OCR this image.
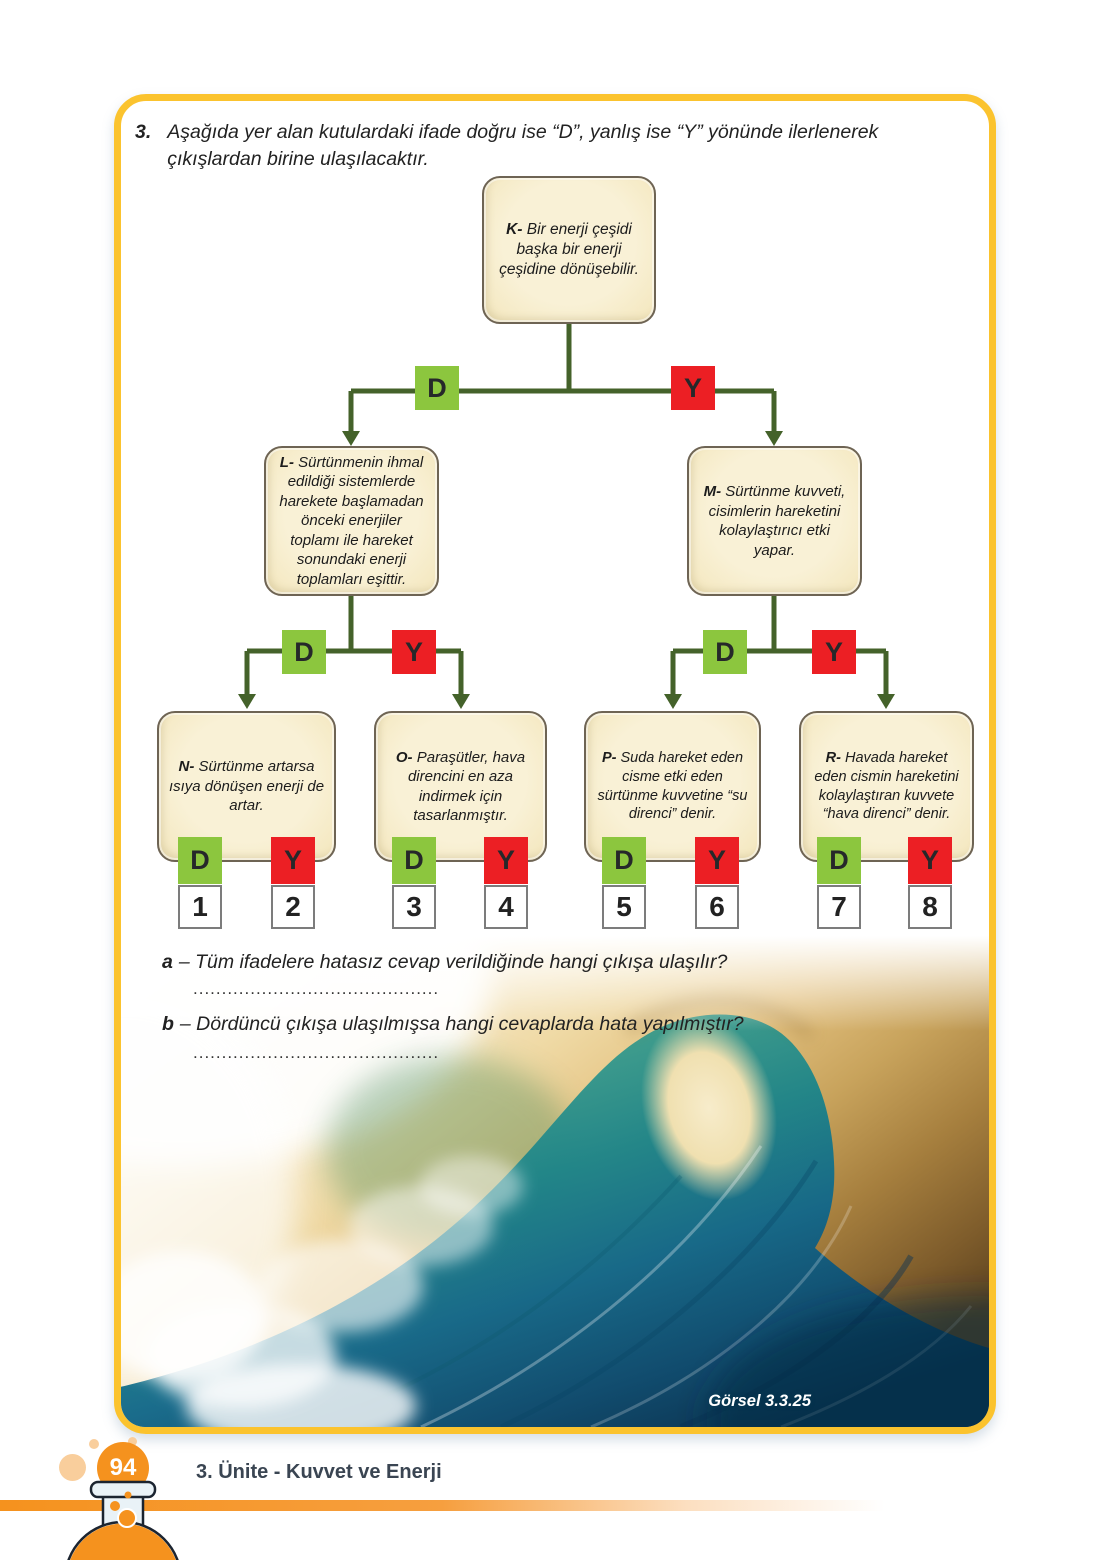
3. Aşağıda yer alan kutulardaki ifade doğru ise “D”, yanlış ise “Y” yönünde ilerlenerek çıkışlardan birine ulaşılacaktır.
K- Bir enerji çeşidi başka bir enerji çeşidine dönüşebilir.
L- Sürtünmenin ihmal edildiği sistemlerde harekete başlamadan önceki enerjiler toplamı ile hareket sonundaki enerji toplamları eşittir.
M- Sürtünme kuvveti, cisimlerin hareketini kolaylaştırıcı etki yapar.
N- Sürtünme artarsa ısıya dönüşen enerji de artar.
O- Paraşütler, hava direncini en aza indirmek için tasarlanmıştır.
P- Suda hareket eden cisme etki eden sürtünme kuvvetine “su direnci” denir.
R- Havada hareket eden cismin hareketini kolaylaştıran kuvvete “hava direnci” denir.
D	Y
D	Y	D	Y
D	Y	D	Y	D	Y	D	Y
1	2	3	4	5	6	7	8
a – Tüm ifadelere hatasız cevap verildiğinde hangi çıkışa ulaşılır?
...........................................
b – Dördüncü çıkışa ulaşılmışsa hangi cevaplarda hata yapılmıştır?
...........................................
Görsel 3.3.25
94	3. Ünite - Kuvvet ve Enerji
